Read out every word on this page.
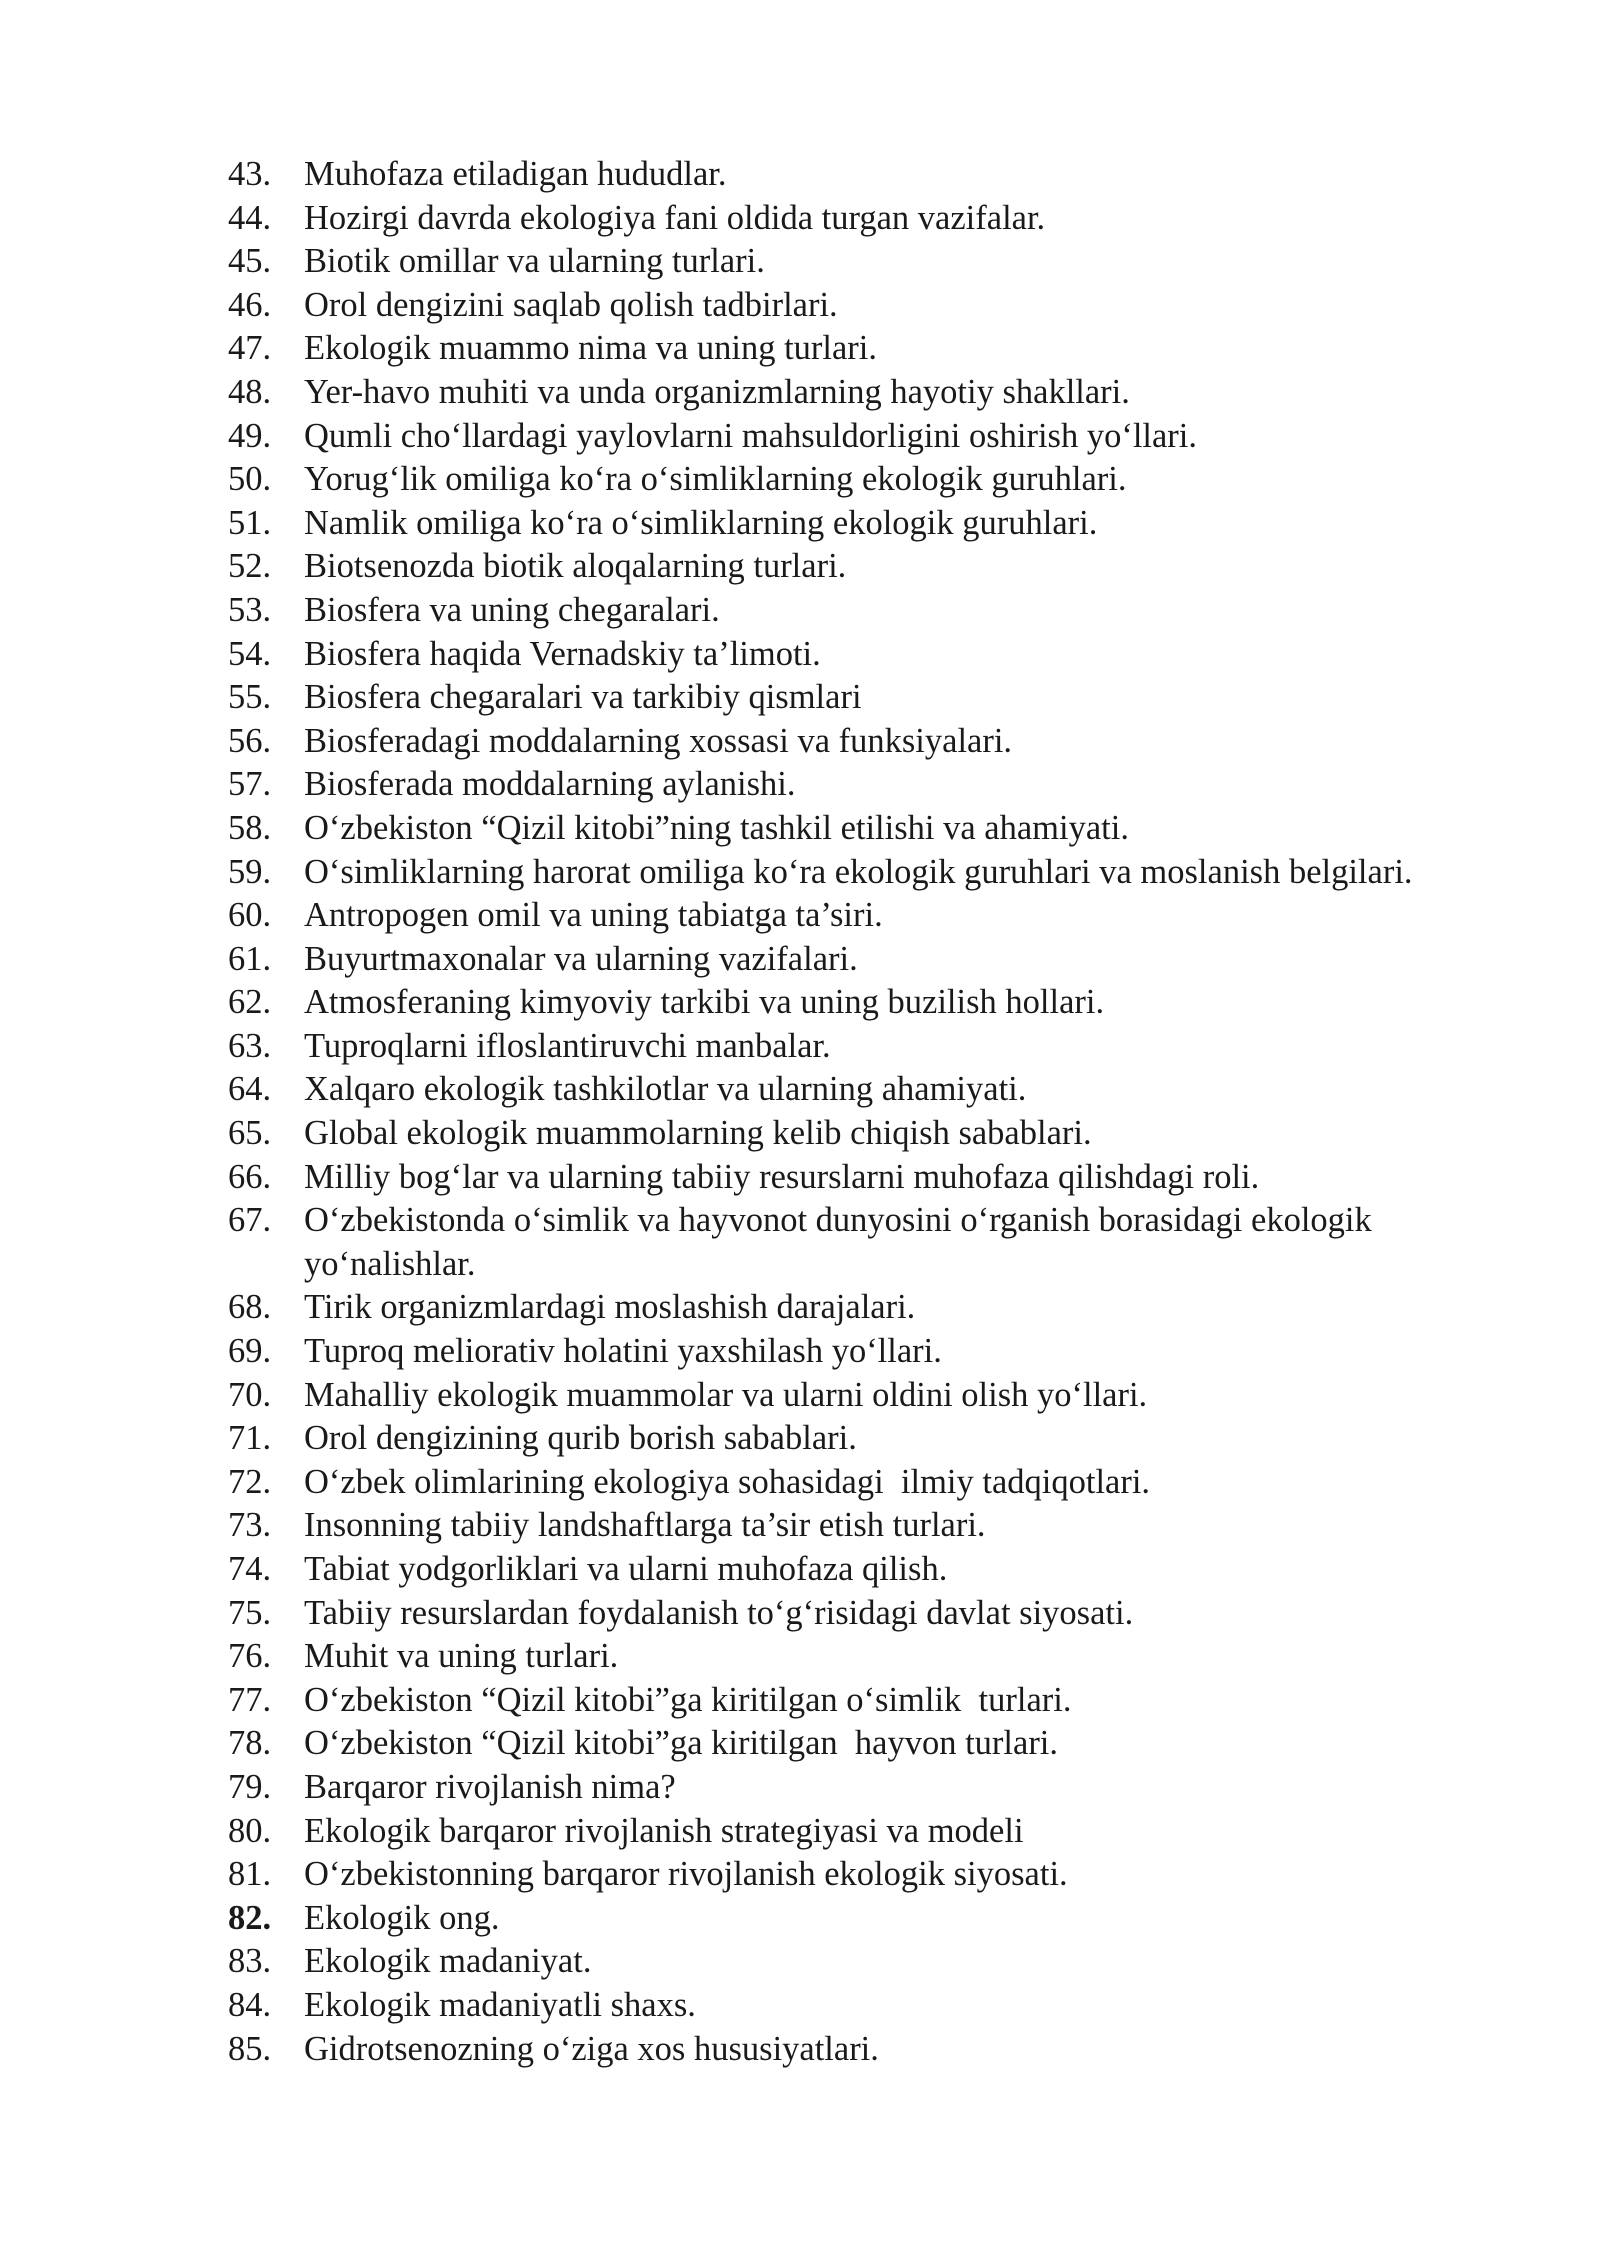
43. Muhofaza etiladigan hududlar.
44. Hozirgi davrda ekologiya fani oldida turgan vazifalar.
45. Biotik omillar va ularning turlari.
46. Orol dengizini saqlab qolish tadbirlari.
47. Ekologik muammo nima va uning turlari.
48. Yer-havo muhiti va unda organizmlarning hayotiy shakllari.
49. Qumli cho‘llardagi yaylovlarni mahsuldorligini oshirish yo‘llari.
50. Yorug‘lik omiliga ko‘ra o‘simliklarning ekologik guruhlari.
51. Namlik omiliga ko‘ra o‘simliklarning ekologik guruhlari.
52. Biotsenozda biotik aloqalarning turlari.
53. Biosfera va uning chegaralari.
54. Biosfera haqida Vernadskiy ta’limoti.
55. Biosfera chegaralari va tarkibiy qismlari
56. Biosferadagi moddalarning xossasi va funksiyalari.
57. Biosferada moddalarning aylanishi.
58. O‘zbekiston “Qizil kitobi”ning tashkil etilishi va ahamiyati.
59. O‘simliklarning harorat omiliga ko‘ra ekologik guruhlari va moslanish belgilari.
60. Antropogen omil va uning tabiatga ta’siri.
61. Buyurtmaxonalar va ularning vazifalari.
62. Atmosferaning kimyoviy tarkibi va uning buzilish hollari.
63. Tuproqlarni ifloslantiruvchi manbalar.
64. Xalqaro ekologik tashkilotlar va ularning ahamiyati.
65. Global ekologik muammolarning kelib chiqish sabablari.
66. Milliy bog‘lar va ularning tabiiy resurslarni muhofaza qilishdagi roli.
67. O‘zbekistonda o‘simlik va hayvonot dunyosini o‘rganish borasidagi ekologik yo‘nalishlar.
68. Tirik organizmlardagi moslashish darajalari.
69. Tuproq meliorativ holatini yaxshilash yo‘llari.
70. Mahalliy ekologik muammolar va ularni oldini olish yo‘llari.
71. Orol dengizining qurib borish sabablari.
72. O‘zbek olimlarining ekologiya sohasidagi  ilmiy tadqiqotlari.
73. Insonning tabiiy landshaftlarga ta’sir etish turlari.
74. Tabiat yodgorliklari va ularni muhofaza qilish.
75. Tabiiy resurslardan foydalanish to‘g‘risidagi davlat siyosati.
76. Muhit va uning turlari.
77. O‘zbekiston “Qizil kitobi”ga kiritilgan o‘simlik  turlari.
78. O‘zbekiston “Qizil kitobi”ga kiritilgan  hayvon turlari.
79. Barqaror rivojlanish nima?
80. Ekologik barqaror rivojlanish strategiyasi va modeli
81. O‘zbekistonning barqaror rivojlanish ekologik siyosati.
82. Ekologik ong.
83. Ekologik madaniyat.
84. Ekologik madaniyatli shaxs.
85. Gidrotsenozning o‘ziga xos hususiyatlari.
